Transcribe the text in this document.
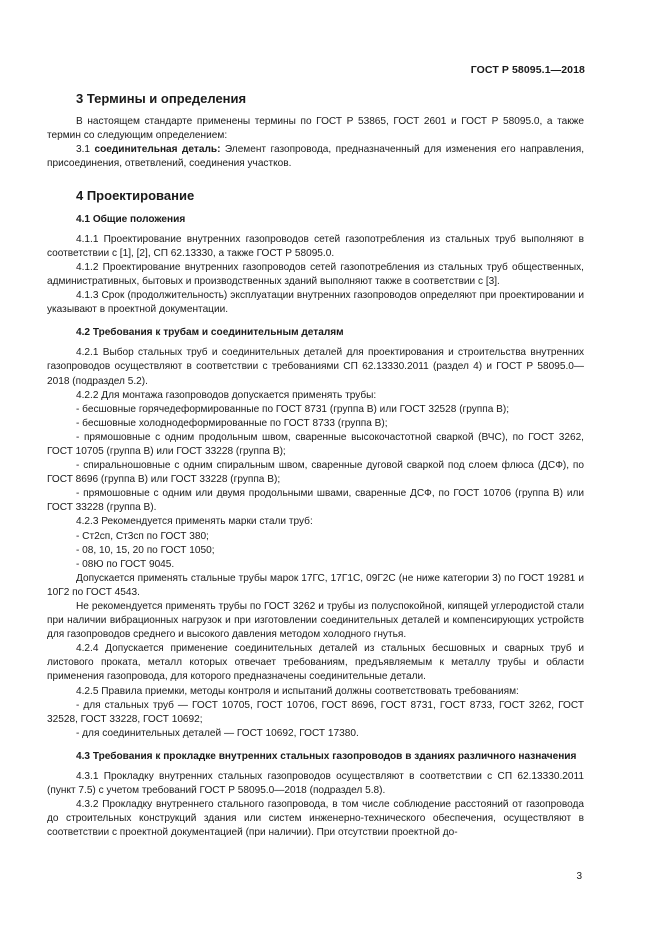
ГОСТ Р 58095.1—2018
3 Термины и определения

В настоящем стандарте применены термины по ГОСТ Р 53865, ГОСТ 2601 и ГОСТ Р 58095.0, а также термин со следующим определением:

3.1 соединительная деталь: Элемент газопровода, предназначенный для изменения его направления, присоединения, ответвлений, соединения участков.

4 Проектирование
4.1 Общие положения

4.1.1 Проектирование внутренних газопроводов сетей газопотребления из стальных труб выполняют в соответствии с [1], [2], СП 62.13330, а также ГОСТ Р 58095.0.

4.1.2 Проектирование внутренних газопроводов сетей газопотребления из стальных труб общественных, административных, бытовых и производственных зданий выполняют также в соответствии с [3].

4.1.3 Срок (продолжительность) эксплуатации внутренних газопроводов определяют при проектировании и указывают в проектной документации.

4.2 Требования к трубам и соединительным деталям

4.2.1 Выбор стальных труб и соединительных деталей для проектирования и строительства внутренних газопроводов осуществляют в соответствии с требованиями СП 62.13330.2011 (раздел 4) и ГОСТ Р 58095.0—2018 (подраздел 5.2).

4.2.2 Для монтажа газопроводов допускается применять трубы:

- бесшовные горячедеформированные по ГОСТ 8731 (группа В) или ГОСТ 32528 (группа В);

- бесшовные холоднодеформированные по ГОСТ 8733 (группа В);

- прямошовные с одним продольным швом, сваренные высокочастотной сваркой (ВЧС), по ГОСТ 3262, ГОСТ 10705 (группа В) или ГОСТ 33228 (группа В);

- спиральношовные с одним спиральным швом, сваренные дуговой сваркой под слоем флюса (ДСФ), по ГОСТ 8696 (группа В) или ГОСТ 33228 (группа В);

- прямошовные с одним или двумя продольными швами, сваренные ДСФ, по ГОСТ 10706 (группа В) или ГОСТ 33228 (группа В).

4.2.3 Рекомендуется применять марки стали труб:

- Ст2сп, Ст3сп по ГОСТ 380;

- 08, 10, 15, 20 по ГОСТ 1050;

- 08Ю по ГОСТ 9045.

Допускается применять стальные трубы марок 17ГС, 17Г1С, 09Г2С (не ниже категории 3) по ГОСТ 19281 и 10Г2 по ГОСТ 4543.

Не рекомендуется применять трубы по ГОСТ 3262 и трубы из полуспокойной, кипящей углеродистой стали при наличии вибрационных нагрузок и при изготовлении соединительных деталей и компенсирующих устройств для газопроводов среднего и высокого давления методом холодного гнутья.

4.2.4 Допускается применение соединительных деталей из стальных бесшовных и сварных труб и листового проката, металл которых отвечает требованиям, предъявляемым к металлу трубы и области применения газопровода, для которого предназначены соединительные детали.

4.2.5 Правила приемки, методы контроля и испытаний должны соответствовать требованиям:

- для стальных труб — ГОСТ 10705, ГОСТ 10706, ГОСТ 8696, ГОСТ 8731, ГОСТ 8733, ГОСТ 3262, ГОСТ 32528, ГОСТ 33228, ГОСТ 10692;

- для соединительных деталей — ГОСТ 10692, ГОСТ 17380.

4.3 Требования к прокладке внутренних стальных газопроводов в зданиях различного назначения

4.3.1 Прокладку внутренних стальных газопроводов осуществляют в соответствии с СП 62.13330.2011 (пункт 7.5) с учетом требований ГОСТ Р 58095.0—2018 (подраздел 5.8).

4.3.2 Прокладку внутреннего стального газопровода, в том числе соблюдение расстояний от газопровода до строительных конструкций здания или систем инженерно-технического обеспечения, осуществляют в соответствии с проектной документацией (при наличии). При отсутствии проектной до-

3
